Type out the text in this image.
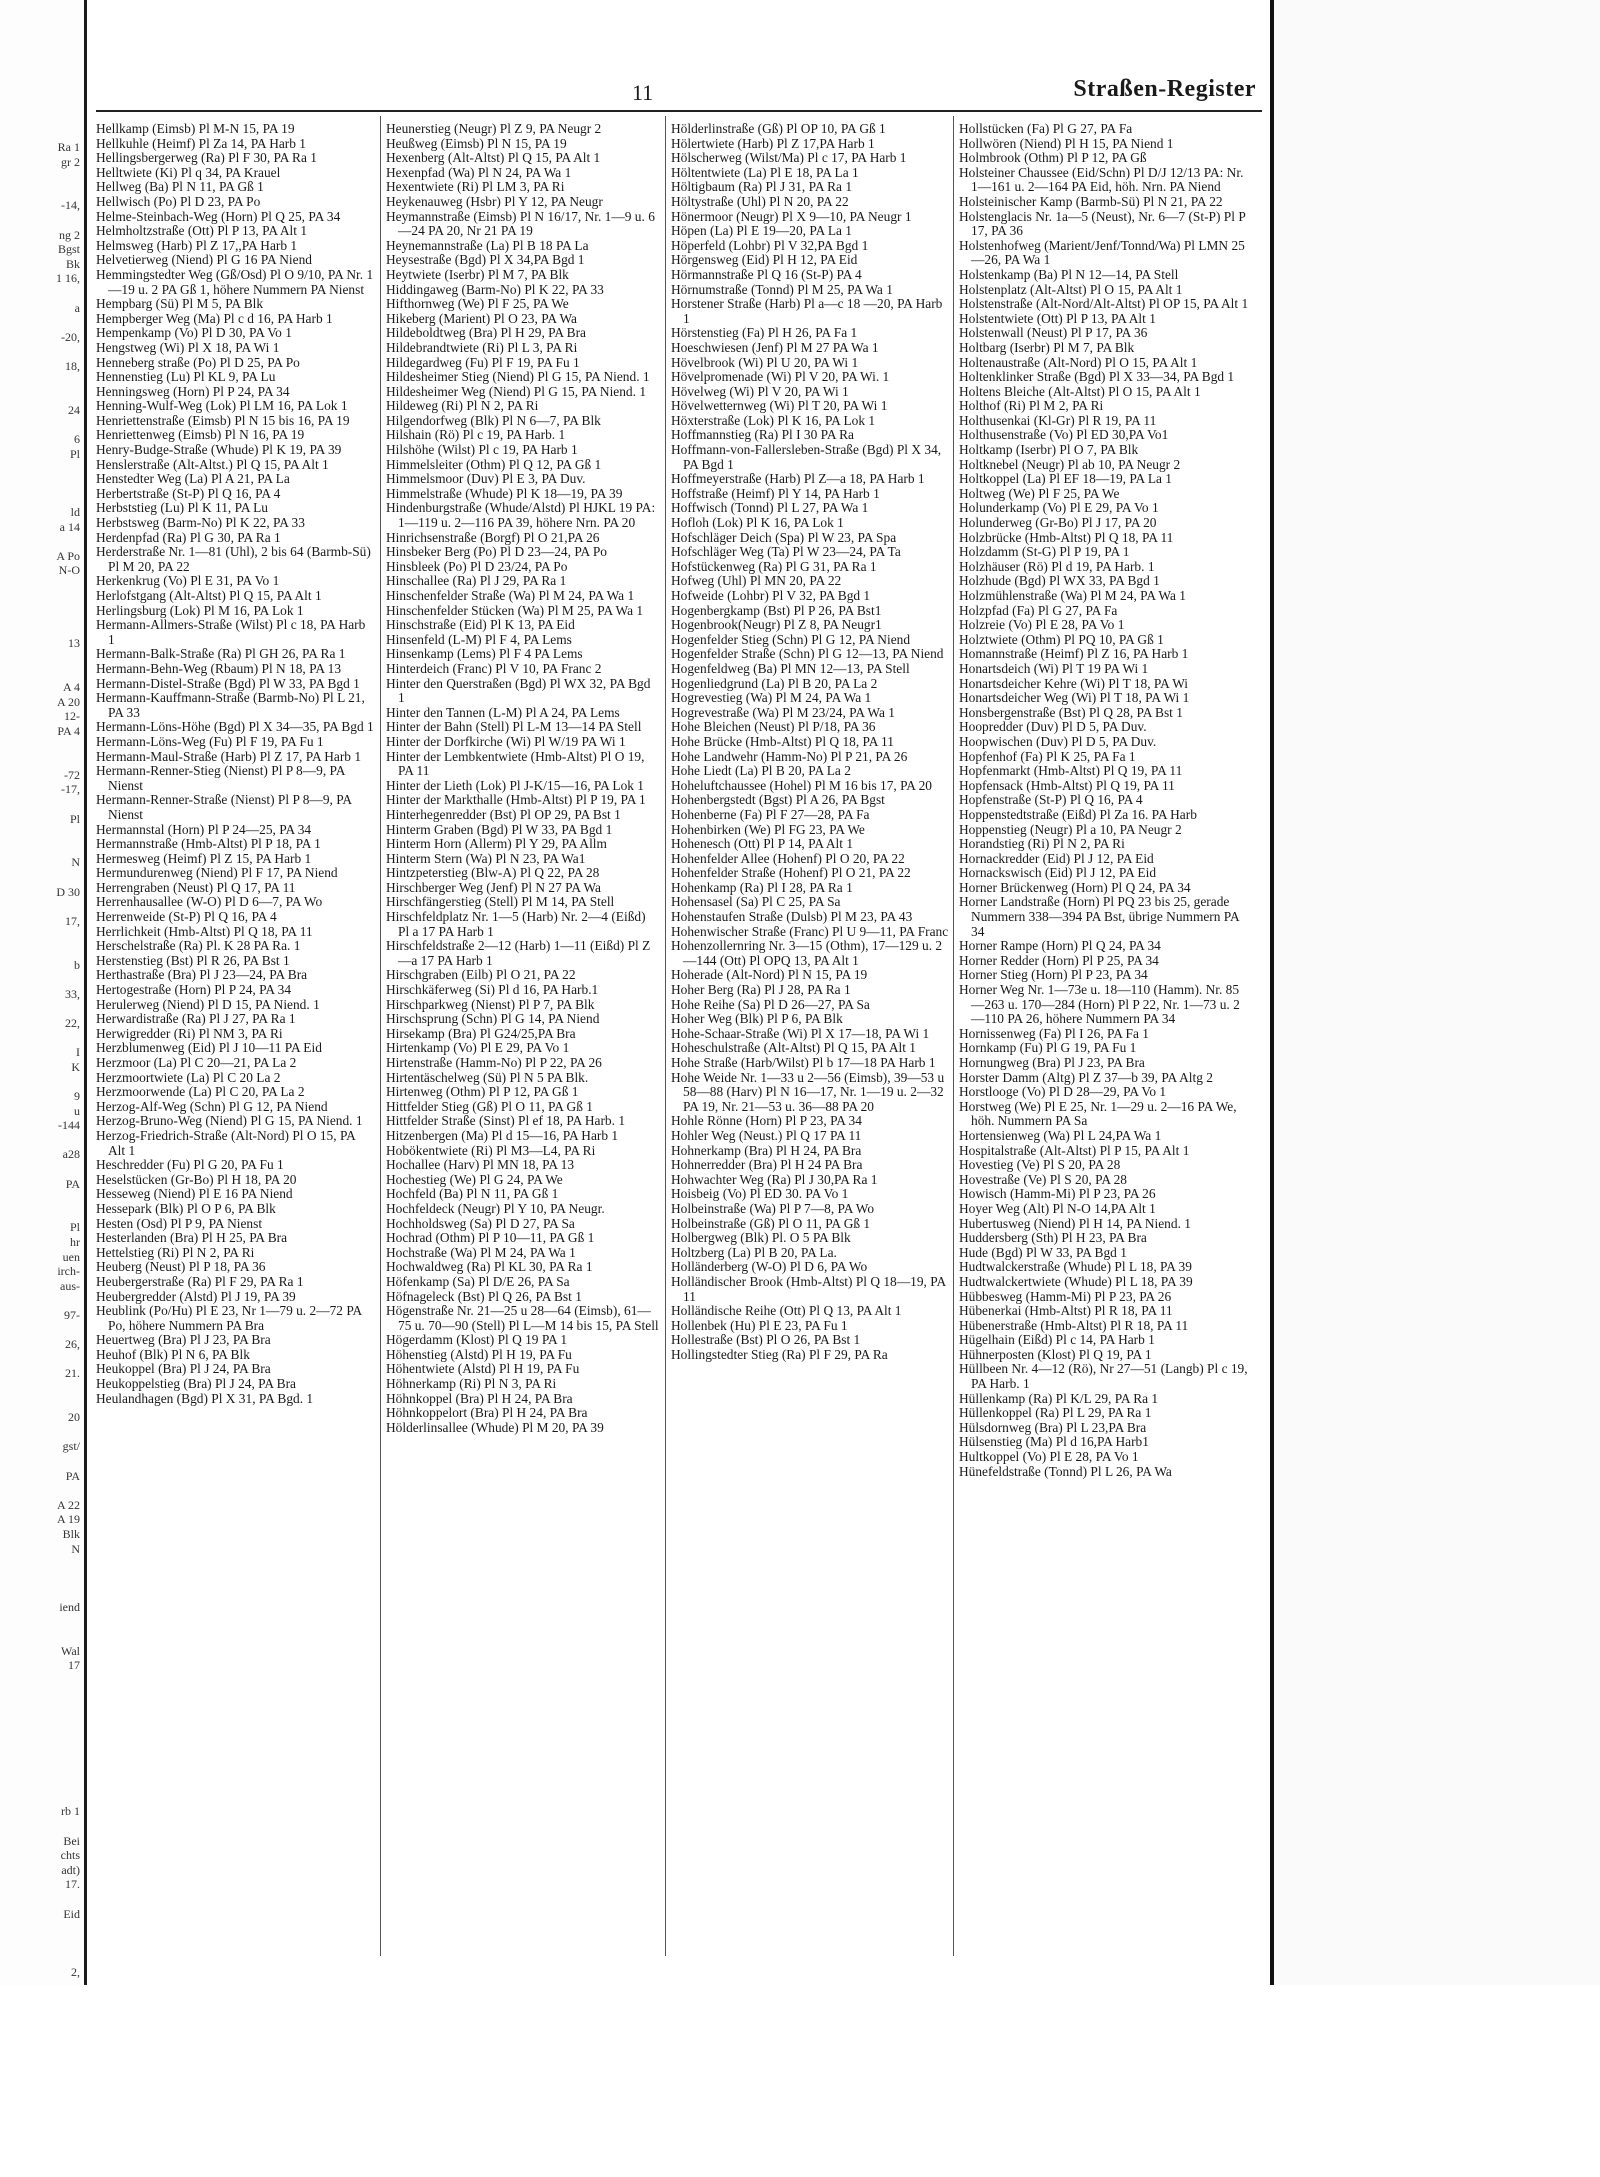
Ra 1
gr 2
-14,
ng 2
Bgst
Bk
1 16,
a
-20,
18,
24
6
Pl
ld
a 14
A Po
N-O
13
A 4
A 20
12-
PA 4
-72
-17,
Pl
N
D 30
17,
b
33,
22,
I
K
9
u
-144
a28
PA
Pl
hr
uen
irch-
aus-
97-
26,
21.
20
gst/
PA
A 22
A 19
Blk
N
iend
Wal
17
rb 1
Bei
chts
adt)
17.
Eid
2,
11	Straßen-Register

Hellkamp (Eimsb) Pl M-N 15, PA 19

Hellkuhle (Heimf) Pl Za 14, PA Harb 1

Hellingsbergerweg (Ra) Pl F 30, PA Ra 1

Helltwiete (Ki) Pl q 34, PA Krauel

Hellweg (Ba) Pl N 11, PA Gß 1

Hellwisch (Po) Pl D 23, PA Po

Helme-Steinbach-Weg (Horn) Pl Q 25, PA 34

Helmholtzstraße (Ott) Pl P 13, PA Alt 1

Helmsweg (Harb) Pl Z 17,,PA Harb 1

Helvetierweg (Niend) Pl G 16 PA Niend

Hemmingstedter Weg (Gß/Osd) Pl O 9/10, PA Nr. 1—19 u. 2 PA Gß 1, höhere Nummern PA Nienst

Hempbarg (Sü) Pl M 5, PA Blk

Hempberger Weg (Ma) Pl c d 16, PA Harb 1

Hempenkamp (Vo) Pl D 30, PA Vo 1

Hengstweg (Wi) Pl X 18, PA Wi 1

Henneberg straße (Po) Pl D 25, PA Po

Hennenstieg (Lu) Pl KL 9, PA Lu

Henningsweg (Horn) Pl P 24, PA 34

Henning-Wulf-Weg (Lok) Pl LM 16, PA Lok 1

Henriettenstraße (Eimsb) Pl N 15 bis 16, PA 19

Henriettenweg (Eimsb) Pl N 16, PA 19

Henry-Budge-Straße (Whude) Pl K 19, PA 39

Henslerstraße (Alt-Altst.) Pl Q 15, PA Alt 1

Henstedter Weg (La) Pl A 21, PA La

Herbertstraße (St-P) Pl Q 16, PA 4

Herbststieg (Lu) Pl K 11, PA Lu

Herbstsweg (Barm-No) Pl K 22, PA 33

Herdenpfad (Ra) Pl G 30, PA Ra 1

Herderstraße Nr. 1—81 (Uhl), 2 bis 64 (Barmb-Sü) Pl M 20, PA 22

Herkenkrug (Vo) Pl E 31, PA Vo 1

Herlofstgang (Alt-Altst) Pl Q 15, PA Alt 1

Herlingsburg (Lok) Pl M 16, PA Lok 1

Hermann-Allmers-Straße (Wilst) Pl c 18, PA Harb 1

Hermann-Balk-Straße (Ra) Pl GH 26, PA Ra 1

Hermann-Behn-Weg (Rbaum) Pl N 18, PA 13

Hermann-Distel-Straße (Bgd) Pl W 33, PA Bgd 1

Hermann-Kauffmann-Straße (Barmb-No) Pl L 21, PA 33

Hermann-Löns-Höhe (Bgd) Pl X 34—35, PA Bgd 1

Hermann-Löns-Weg (Fu) Pl F 19, PA Fu 1

Hermann-Maul-Straße (Harb) Pl Z 17, PA Harb 1

Hermann-Renner-Stieg (Nienst) Pl P 8—9, PA Nienst

Hermann-Renner-Straße (Nienst) Pl P 8—9, PA Nienst

Hermannstal (Horn) Pl P 24—25, PA 34

Hermannstraße (Hmb-Altst) Pl P 18, PA 1

Hermesweg (Heimf) Pl Z 15, PA Harb 1

Hermundurenweg (Niend) Pl F 17, PA Niend

Herrengraben (Neust) Pl Q 17, PA 11

Herrenhausallee (W-O) Pl D 6—7, PA Wo

Herrenweide (St-P) Pl Q 16, PA 4

Herrlichkeit (Hmb-Altst) Pl Q 18, PA 11

Herschelstraße (Ra) Pl. K 28 PA Ra. 1

Herstenstieg (Bst) Pl R 26, PA Bst 1

Herthastraße (Bra) Pl J 23—24, PA Bra

Hertogestraße (Horn) Pl P 24, PA 34

Herulerweg (Niend) Pl D 15, PA Niend. 1

Herwardistraße (Ra) Pl J 27, PA Ra 1

Herwigredder (Ri) Pl NM 3, PA Ri

Herzblumenweg (Eid) Pl J 10—11 PA Eid

Herzmoor (La) Pl C 20—21, PA La 2

Herzmoortwiete (La) Pl C 20 La 2

Herzmoorwende (La) Pl C 20, PA La 2

Herzog-Alf-Weg (Schn) Pl G 12, PA Niend

Herzog-Bruno-Weg (Niend) Pl G 15, PA Niend. 1

Herzog-Friedrich-Straße (Alt-Nord) Pl O 15, PA Alt 1

Heschredder (Fu) Pl G 20, PA Fu 1

Heselstücken (Gr-Bo) Pl H 18, PA 20

Hesseweg (Niend) Pl E 16 PA Niend

Hessepark (Blk) Pl O P 6, PA Blk

Hesten (Osd) Pl P 9, PA Nienst

Hesterlanden (Bra) Pl H 25, PA Bra

Hettelstieg (Ri) Pl N 2, PA Ri

Heuberg (Neust) Pl P 18, PA 36

Heubergerstraße (Ra) Pl F 29, PA Ra 1

Heubergredder (Alstd) Pl J 19, PA 39

Heublink (Po/Hu) Pl E 23, Nr 1—79 u. 2—72 PA Po, höhere Nummern PA Bra

Heuertweg (Bra) Pl J 23, PA Bra

Heuhof (Blk) Pl N 6, PA Blk

Heukoppel (Bra) Pl J 24, PA Bra

Heukoppelstieg (Bra) Pl J 24, PA Bra

Heulandhagen (Bgd) Pl X 31, PA Bgd. 1

Heunerstieg (Neugr) Pl Z 9, PA Neugr 2

Heußweg (Eimsb) Pl N 15, PA 19

Hexenberg (Alt-Altst) Pl Q 15, PA Alt 1

Hexenpfad (Wa) Pl N 24, PA Wa 1

Hexentwiete (Ri) Pl LM 3, PA Ri

Heykenauweg (Hsbr) Pl Y 12, PA Neugr

Heymannstraße (Eimsb) Pl N 16/17, Nr. 1—9 u. 6—24 PA 20, Nr 21 PA 19

Heynemannstraße (La) Pl B 18 PA La

Heysestraße (Bgd) Pl X 34,PA Bgd 1

Heytwiete (Iserbr) Pl M 7, PA Blk

Hiddingaweg (Barm-No) Pl K 22, PA 33

Hifthornweg (We) Pl F 25, PA We

Hikeberg (Marient) Pl O 23, PA Wa

Hildeboldtweg (Bra) Pl H 29, PA Bra

Hildebrandtwiete (Ri) Pl L 3, PA Ri

Hildegardweg (Fu) Pl F 19, PA Fu 1

Hildesheimer Stieg (Niend) Pl G 15, PA Niend. 1

Hildesheimer Weg (Niend) Pl G 15, PA Niend. 1

Hildeweg (Ri) Pl N 2, PA Ri

Hilgendorfweg (Blk) Pl N 6—7, PA Blk

Hilshain (Rö) Pl c 19, PA Harb. 1

Hilshöhe (Wilst) Pl c 19, PA Harb 1

Himmelsleiter (Othm) Pl Q 12, PA Gß 1

Himmelsmoor (Duv) Pl E 3, PA Duv.

Himmelstraße (Whude) Pl K 18—19, PA 39

Hindenburgstraße (Whude/Alstd) Pl HJKL 19 PA: 1—119 u. 2—116 PA 39, höhere Nrn. PA 20

Hinrichsenstraße (Borgf) Pl O 21,PA 26

Hinsbeker Berg (Po) Pl D 23—24, PA Po

Hinsbleek (Po) Pl D 23/24, PA Po

Hinschallee (Ra) Pl J 29, PA Ra 1

Hinschenfelder Straße (Wa) Pl M 24, PA Wa 1

Hinschenfelder Stücken (Wa) Pl M 25, PA Wa 1

Hinschstraße (Eid) Pl K 13, PA Eid

Hinsenfeld (L-M) Pl F 4, PA Lems

Hinsenkamp (Lems) Pl F 4 PA Lems

Hinterdeich (Franc) Pl V 10, PA Franc 2

Hinter den Querstraßen (Bgd) Pl WX 32, PA Bgd 1

Hinter den Tannen (L-M) Pl A 24, PA Lems

Hinter der Bahn (Stell) Pl L-M 13—14 PA Stell

Hinter der Dorfkirche (Wi) Pl W/19 PA Wi 1

Hinter der Lembkentwiete (Hmb-Altst) Pl O 19, PA 11

Hinter der Lieth (Lok) Pl J-K/15—16, PA Lok 1

Hinter der Markthalle (Hmb-Altst) Pl P 19, PA 1

Hinterhegenredder (Bst) Pl OP 29, PA Bst 1

Hinterm Graben (Bgd) Pl W 33, PA Bgd 1

Hinterm Horn (Allerm) Pl Y 29, PA Allm

Hinterm Stern (Wa) Pl N 23, PA Wa1

Hintzpeterstieg (Blw-A) Pl Q 22, PA 28

Hirschberger Weg (Jenf) Pl N 27 PA Wa

Hirschfängerstieg (Stell) Pl M 14, PA Stell

Hirschfeldplatz Nr. 1—5 (Harb) Nr. 2—4 (Eißd) Pl a 17 PA Harb 1

Hirschfeldstraße 2—12 (Harb) 1—11 (Eißd) Pl Z—a 17 PA Harb 1

Hirschgraben (Eilb) Pl O 21, PA 22

Hirschkäferweg (Si) Pl d 16, PA Harb.1

Hirschparkweg (Nienst) Pl P 7, PA Blk

Hirschsprung (Schn) Pl G 14, PA Niend

Hirsekamp (Bra) Pl G24/25,PA Bra

Hirtenkamp (Vo) Pl E 29, PA Vo 1

Hirtenstraße (Hamm-No) Pl P 22, PA 26

Hirtentäschelweg (Sü) Pl N 5 PA Blk.

Hirtenweg (Othm) Pl P 12, PA Gß 1

Hittfelder Stieg (Gß) Pl O 11, PA Gß 1

Hittfelder Straße (Sinst) Pl ef 18, PA Harb. 1

Hitzenbergen (Ma) Pl d 15—16, PA Harb 1

Hobökentwiete (Ri) Pl M3—L4, PA Ri

Hochallee (Harv) Pl MN 18, PA 13

Hochestieg (We) Pl G 24, PA We

Hochfeld (Ba) Pl N 11, PA Gß 1

Hochfeldeck (Neugr) Pl Y 10, PA Neugr.

Hochholdsweg (Sa) Pl D 27, PA Sa

Hochrad (Othm) Pl P 10—11, PA Gß 1

Hochstraße (Wa) Pl M 24, PA Wa 1

Hochwaldweg (Ra) Pl KL 30, PA Ra 1

Höfenkamp (Sa) Pl D/E 26, PA Sa

Höfnageleck (Bst) Pl Q 26, PA Bst 1

Högenstraße Nr. 21—25 u 28—64 (Eimsb), 61—75 u. 70—90 (Stell) Pl L—M 14 bis 15, PA Stell

Högerdamm (Klost) Pl Q 19 PA 1

Höhenstieg (Alstd) Pl H 19, PA Fu

Höhentwiete (Alstd) Pl H 19, PA Fu

Höhnerkamp (Ri) Pl N 3, PA Ri

Höhnkoppel (Bra) Pl H 24, PA Bra

Höhnkoppelort (Bra) Pl H 24, PA Bra

Hölderlinsallee (Whude) Pl M 20, PA 39

Hölderlinstraße (Gß) Pl OP 10, PA Gß 1

Hölertwiete (Harb) Pl Z 17,PA Harb 1

Hölscherweg (Wilst/Ma) Pl c 17, PA Harb 1

Höltentwiete (La) Pl E 18, PA La 1

Höltigbaum (Ra) Pl J 31, PA Ra 1

Höltystraße (Uhl) Pl N 20, PA 22

Hönermoor (Neugr) Pl X 9—10, PA Neugr 1

Höpen (La) Pl E 19—20, PA La 1

Höperfeld (Lohbr) Pl V 32,PA Bgd 1

Hörgensweg (Eid) Pl H 12, PA Eid

Hörmannstraße Pl Q 16 (St-P) PA 4

Hörnumstraße (Tonnd) Pl M 25, PA Wa 1

Horstener Straße (Harb) Pl a—c 18 —20, PA Harb 1

Hörstenstieg (Fa) Pl H 26, PA Fa 1

Hoeschwiesen (Jenf) Pl M 27 PA Wa 1

Hövelbrook (Wi) Pl U 20, PA Wi 1

Hövelpromenade (Wi) Pl V 20, PA Wi. 1

Hövelweg (Wi) Pl V 20, PA Wi 1

Hövelwetternweg (Wi) Pl T 20, PA Wi 1

Höxterstraße (Lok) Pl K 16, PA Lok 1

Hoffmannstieg (Ra) Pl I 30 PA Ra

Hoffmann-von-Fallersleben-Straße (Bgd) Pl X 34, PA Bgd 1

Hoffmeyerstraße (Harb) Pl Z—a 18, PA Harb 1

Hoffstraße (Heimf) Pl Y 14, PA Harb 1

Hoffwisch (Tonnd) Pl L 27, PA Wa 1

Hofloh (Lok) Pl K 16, PA Lok 1

Hofschläger Deich (Spa) Pl W 23, PA Spa

Hofschläger Weg (Ta) Pl W 23—24, PA Ta

Hofstückenweg (Ra) Pl G 31, PA Ra 1

Hofweg (Uhl) Pl MN 20, PA 22

Hofweide (Lohbr) Pl V 32, PA Bgd 1

Hogenbergkamp (Bst) Pl P 26, PA Bst1

Hogenbrook(Neugr) Pl Z 8, PA Neugr1

Hogenfelder Stieg (Schn) Pl G 12, PA Niend

Hogenfelder Straße (Schn) Pl G 12—13, PA Niend

Hogenfeldweg (Ba) Pl MN 12—13, PA Stell

Hogenliedgrund (La) Pl B 20, PA La 2

Hogrevestieg (Wa) Pl M 24, PA Wa 1

Hogrevestraße (Wa) Pl M 23/24, PA Wa 1

Hohe Bleichen (Neust) Pl P/18, PA 36

Hohe Brücke (Hmb-Altst) Pl Q 18, PA 11

Hohe Landwehr (Hamm-No) Pl P 21, PA 26

Hohe Liedt (La) Pl B 20, PA La 2

Hoheluftchaussee (Hohel) Pl M 16 bis 17, PA 20

Hohenbergstedt (Bgst) Pl A 26, PA Bgst

Hohenberne (Fa) Pl F 27—28, PA Fa

Hohenbirken (We) Pl FG 23, PA We

Hohenesch (Ott) Pl P 14, PA Alt 1

Hohenfelder Allee (Hohenf) Pl O 20, PA 22

Hohenfelder Straße (Hohenf) Pl O 21, PA 22

Hohenkamp (Ra) Pl I 28, PA Ra 1

Hohensasel (Sa) Pl C 25, PA Sa

Hohenstaufen Straße (Dulsb) Pl M 23, PA 43

Hohenwischer Straße (Franc) Pl U 9—11, PA Franc

Hohenzollernring Nr. 3—15 (Othm), 17—129 u. 2—144 (Ott) Pl OPQ 13, PA Alt 1

Hoherade (Alt-Nord) Pl N 15, PA 19

Hoher Berg (Ra) Pl J 28, PA Ra 1

Hohe Reihe (Sa) Pl D 26—27, PA Sa

Hoher Weg (Blk) Pl P 6, PA Blk

Hohe-Schaar-Straße (Wi) Pl X 17—18, PA Wi 1

Hoheschulstraße (Alt-Altst) Pl Q 15, PA Alt 1

Hohe Straße (Harb/Wilst) Pl b 17—18 PA Harb 1

Hohe Weide Nr. 1—33 u 2—56 (Eimsb), 39—53 u 58—88 (Harv) Pl N 16—17, Nr. 1—19 u. 2—32 PA 19, Nr. 21—53 u. 36—88 PA 20

Hohle Rönne (Horn) Pl P 23, PA 34

Hohler Weg (Neust.) Pl Q 17 PA 11

Hohnerkamp (Bra) Pl H 24, PA Bra

Hohnerredder (Bra) Pl H 24 PA Bra

Hohwachter Weg (Ra) Pl J 30,PA Ra 1

Hoisbeig (Vo) Pl ED 30. PA Vo 1

Holbeinstraße (Wa) Pl P 7—8, PA Wo

Holbeinstraße (Gß) Pl O 11, PA Gß 1

Holbergweg (Blk) Pl. O 5 PA Blk

Holtzberg (La) Pl B 20, PA La.

Holländerberg (W-O) Pl D 6, PA Wo

Holländischer Brook (Hmb-Altst) Pl Q 18—19, PA 11

Holländische Reihe (Ott) Pl Q 13, PA Alt 1

Hollenbek (Hu) Pl E 23, PA Fu 1

Hollestraße (Bst) Pl O 26, PA Bst 1

Hollingstedter Stieg (Ra) Pl F 29, PA Ra

Hollstücken (Fa) Pl G 27, PA Fa

Hollwören (Niend) Pl H 15, PA Niend 1

Holmbrook (Othm) Pl P 12, PA Gß

Holsteiner Chaussee (Eid/Schn) Pl D/J 12/13 PA: Nr. 1—161 u. 2—164 PA Eid, höh. Nrn. PA Niend

Holsteinischer Kamp (Barmb-Sü) Pl N 21, PA 22

Holstenglacis Nr. 1a—5 (Neust), Nr. 6—7 (St-P) Pl P 17, PA 36

Holstenhofweg (Marient/Jenf/Tonnd/Wa) Pl LMN 25—26, PA Wa 1

Holstenkamp (Ba) Pl N 12—14, PA Stell

Holstenplatz (Alt-Altst) Pl O 15, PA Alt 1

Holstenstraße (Alt-Nord/Alt-Altst) Pl OP 15, PA Alt 1

Holstentwiete (Ott) Pl P 13, PA Alt 1

Holstenwall (Neust) Pl P 17, PA 36

Holtbarg (Iserbr) Pl M 7, PA Blk

Holtenaustraße (Alt-Nord) Pl O 15, PA Alt 1

Holtenklinker Straße (Bgd) Pl X 33—34, PA Bgd 1

Holtens Bleiche (Alt-Altst) Pl O 15, PA Alt 1

Holthof (Ri) Pl M 2, PA Ri

Holthusenkai (Kl-Gr) Pl R 19, PA 11

Holthusenstraße (Vo) Pl ED 30,PA Vo1

Holtkamp (Iserbr) Pl O 7, PA Blk

Holtknebel (Neugr) Pl ab 10, PA Neugr 2

Holtkoppel (La) Pl EF 18—19, PA La 1

Holtweg (We) Pl F 25, PA We

Holunderkamp (Vo) Pl E 29, PA Vo 1

Holunderweg (Gr-Bo) Pl J 17, PA 20

Holzbrücke (Hmb-Altst) Pl Q 18, PA 11

Holzdamm (St-G) Pl P 19, PA 1

Holzhäuser (Rö) Pl d 19, PA Harb. 1

Holzhude (Bgd) Pl WX 33, PA Bgd 1

Holzmühlenstraße (Wa) Pl M 24, PA Wa 1

Holzpfad (Fa) Pl G 27, PA Fa

Holzreie (Vo) Pl E 28, PA Vo 1

Holztwiete (Othm) Pl PQ 10, PA Gß 1

Homannstraße (Heimf) Pl Z 16, PA Harb 1

Honartsdeich (Wi) Pl T 19 PA Wi 1

Honartsdeicher Kehre (Wi) Pl T 18, PA Wi

Honartsdeicher Weg (Wi) Pl T 18, PA Wi 1

Honsbergenstraße (Bst) Pl Q 28, PA Bst 1

Hoopredder (Duv) Pl D 5, PA Duv.

Hoopwischen (Duv) Pl D 5, PA Duv.

Hopfenhof (Fa) Pl K 25, PA Fa 1

Hopfenmarkt (Hmb-Altst) Pl Q 19, PA 11

Hopfensack (Hmb-Altst) Pl Q 19, PA 11

Hopfenstraße (St-P) Pl Q 16, PA 4

Hoppenstedtstraße (Eißd) Pl Za 16. PA Harb

Hoppenstieg (Neugr) Pl a 10, PA Neugr 2

Horandstieg (Ri) Pl N 2, PA Ri

Hornackredder (Eid) Pl J 12, PA Eid

Hornackswisch (Eid) Pl J 12, PA Eid

Horner Brückenweg (Horn) Pl Q 24, PA 34

Horner Landstraße (Horn) Pl PQ 23 bis 25, gerade Nummern 338—394 PA Bst, übrige Nummern PA 34

Horner Rampe (Horn) Pl Q 24, PA 34

Horner Redder (Horn) Pl P 25, PA 34

Horner Stieg (Horn) Pl P 23, PA 34

Horner Weg Nr. 1—73e u. 18—110 (Hamm). Nr. 85—263 u. 170—284 (Horn) Pl P 22, Nr. 1—73 u. 2—110 PA 26, höhere Nummern PA 34

Hornissenweg (Fa) Pl I 26, PA Fa 1

Hornkamp (Fu) Pl G 19, PA Fu 1

Hornungweg (Bra) Pl J 23, PA Bra

Horster Damm (Altg) Pl Z 37—b 39, PA Altg 2

Horstlooge (Vo) Pl D 28—29, PA Vo 1

Horstweg (We) Pl E 25, Nr. 1—29 u. 2—16 PA We, höh. Nummern PA Sa

Hortensienweg (Wa) Pl L 24,PA Wa 1

Hospitalstraße (Alt-Altst) Pl P 15, PA Alt 1

Hovestieg (Ve) Pl S 20, PA 28

Hovestraße (Ve) Pl S 20, PA 28

Howisch (Hamm-Mi) Pl P 23, PA 26

Hoyer Weg (Alt) Pl N-O 14,PA Alt 1

Hubertusweg (Niend) Pl H 14, PA Niend. 1

Huddersberg (Sth) Pl H 23, PA Bra

Hude (Bgd) Pl W 33, PA Bgd 1

Hudtwalckerstraße (Whude) Pl L 18, PA 39

Hudtwalckertwiete (Whude) Pl L 18, PA 39

Hübbesweg (Hamm-Mi) Pl P 23, PA 26

Hübenerkai (Hmb-Altst) Pl R 18, PA 11

Hübenerstraße (Hmb-Altst) Pl R 18, PA 11

Hügelhain (Eißd) Pl c 14, PA Harb 1

Hühnerposten (Klost) Pl Q 19, PA 1

Hüllbeen Nr. 4—12 (Rö), Nr 27—51 (Langb) Pl c 19, PA Harb. 1

Hüllenkamp (Ra) Pl K/L 29, PA Ra 1

Hüllenkoppel (Ra) Pl L 29, PA Ra 1

Hülsdornweg (Bra) Pl L 23,PA Bra

Hülsenstieg (Ma) Pl d 16,PA Harb1

Hultkoppel (Vo) Pl E 28, PA Vo 1

Hünefeldstraße (Tonnd) Pl L 26, PA Wa
